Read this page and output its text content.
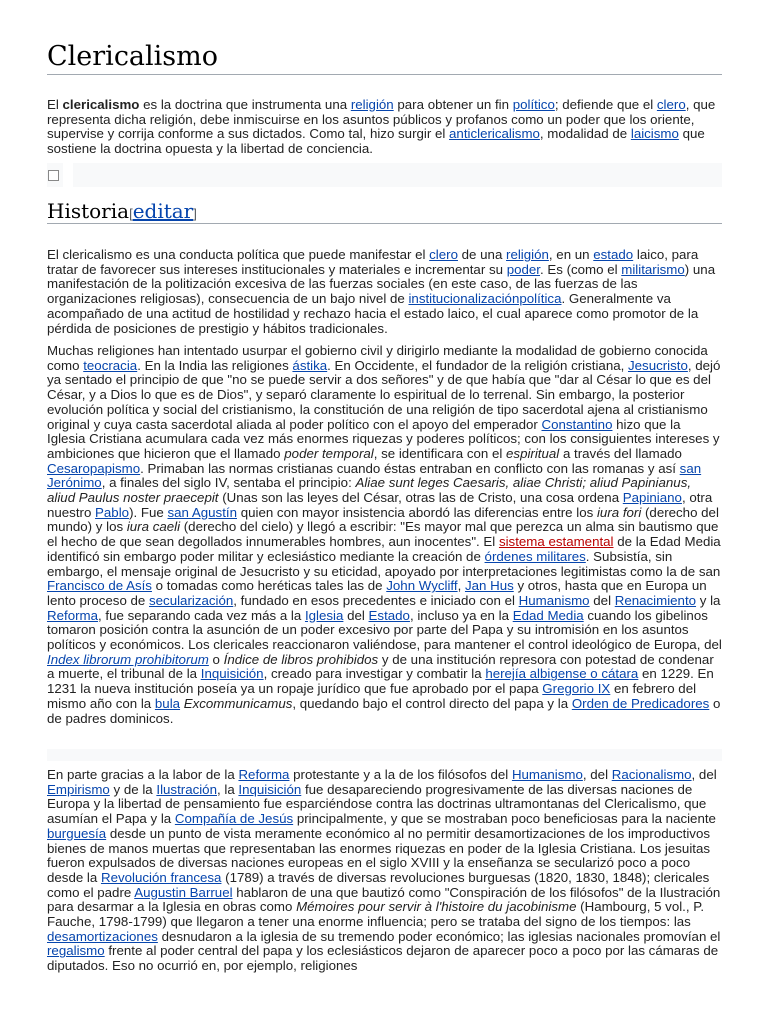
Clericalismo

El clericalismo es la doctrina que instrumenta una religión para obtener un fin político; defiende que el clero, que representa dicha religión, debe inmiscuirse en los asuntos públicos y profanos como un poder que los oriente, supervise y corrija conforme a sus dictados. Como tal, hizo surgir el anticlericalismo, modalidad de laicismo que sostiene la doctrina opuesta y la libertad de conciencia.

Historia[editar]

El clericalismo es una conducta política que puede manifestar el clero de una religión, en un estado laico, para tratar de favorecer sus intereses institucionales y materiales e incrementar su poder. Es (como el militarismo) una manifestación de la politización excesiva de las fuerzas sociales (en este caso, de las fuerzas de las organizaciones religiosas), consecuencia de un bajo nivel de institucionalizaciónpolítica. Generalmente va acompañado de una actitud de hostilidad y rechazo hacia el estado laico, el cual aparece como promotor de la pérdida de posiciones de prestigio y hábitos tradicionales.

Muchas religiones han intentado usurpar el gobierno civil y dirigirlo mediante la modalidad de gobierno conocida como teocracia. En la India las religiones ástika. En Occidente, el fundador de la religión cristiana, Jesucristo, dejó ya sentado el principio de que "no se puede servir a dos señores" y de que había que "dar al César lo que es del César, y a Dios lo que es de Dios", y separó claramente lo espiritual de lo terrenal. Sin embargo, la posterior evolución política y social del cristianismo, la constitución de una religión de tipo sacerdotal ajena al cristianismo original y cuya casta sacerdotal aliada al poder político con el apoyo del emperador Constantino hizo que la Iglesia Cristiana acumulara cada vez más enormes riquezas y poderes políticos; con los consiguientes intereses y ambiciones que hicieron que el llamado poder temporal, se identificara con el espiritual a través del llamado Cesaropapismo. Primaban las normas cristianas cuando éstas entraban en conflicto con las romanas y así san Jerónimo, a finales del siglo IV, sentaba el principio: Aliae sunt leges Caesaris, aliae Christi; aliud Papinianus, aliud Paulus noster praecepit (Unas son las leyes del César, otras las de Cristo, una cosa ordena Papiniano, otra nuestro Pablo). Fue san Agustín quien con mayor insistencia abordó las diferencias entre los iura fori (derecho del mundo) y los iura caeli (derecho del cielo) y llegó a escribir: "Es mayor mal que perezca un alma sin bautismo que el hecho de que sean degollados innumerables hombres, aun inocentes". El sistema estamental de la Edad Media identificó sin embargo poder militar y eclesiástico mediante la creación de órdenes militares. Subsistía, sin embargo, el mensaje original de Jesucristo y su eticidad, apoyado por interpretaciones legitimistas como la de san Francisco de Asís o tomadas como heréticas tales las de John Wycliff, Jan Hus y otros, hasta que en Europa un lento proceso de secularización, fundado en esos precedentes e iniciado con el Humanismo del Renacimiento y la Reforma, fue separando cada vez más a la Iglesia del Estado, incluso ya en la Edad Media cuando los gibelinos tomaron posición contra la asunción de un poder excesivo por parte del Papa y su intromisión en los asuntos políticos y económicos. Los clericales reaccionaron valiéndose, para mantener el control ideológico de Europa, del Index librorum prohibitorum o Índice de libros prohibidos y de una institución represora con potestad de condenar a muerte, el tribunal de la Inquisición, creado para investigar y combatir la herejía albigense o cátara en 1229. En 1231 la nueva institución poseía ya un ropaje jurídico que fue aprobado por el papa Gregorio IX en febrero del mismo año con la bula Excommunicamus, quedando bajo el control directo del papa y la Orden de Predicadores o de padres dominicos.

En parte gracias a la labor de la Reforma protestante y a la de los filósofos del Humanismo, del Racionalismo, del Empirismo y de la Ilustración, la Inquisición fue desapareciendo progresivamente de las diversas naciones de Europa y la libertad de pensamiento fue esparciéndose contra las doctrinas ultramontanas del Clericalismo, que asumían el Papa y la Compañía de Jesús principalmente, y que se mostraban poco beneficiosas para la naciente burguesía desde un punto de vista meramente económico al no permitir desamortizaciones de los improductivos bienes de manos muertas que representaban las enormes riquezas en poder de la Iglesia Cristiana. Los jesuitas fueron expulsados de diversas naciones europeas en el siglo XVIII y la enseñanza se secularizó poco a poco desde la Revolución francesa (1789) a través de diversas revoluciones burguesas (1820, 1830, 1848); clericales como el padre Augustin Barruel hablaron de una que bautizó como "Conspiración de los filósofos" de la Ilustración para desarmar a la Iglesia en obras como Mémoires pour servir à l'histoire du jacobinisme (Hambourg, 5 vol., P. Fauche, 1798-1799) que llegaron a tener una enorme influencia; pero se trataba del signo de los tiempos: las desamortizaciones desnudaron a la iglesia de su tremendo poder económico; las iglesias nacionales promovían el regalismo frente al poder central del papa y los eclesiásticos dejaron de aparecer poco a poco por las cámaras de diputados. Eso no ocurrió en, por ejemplo, religiones
